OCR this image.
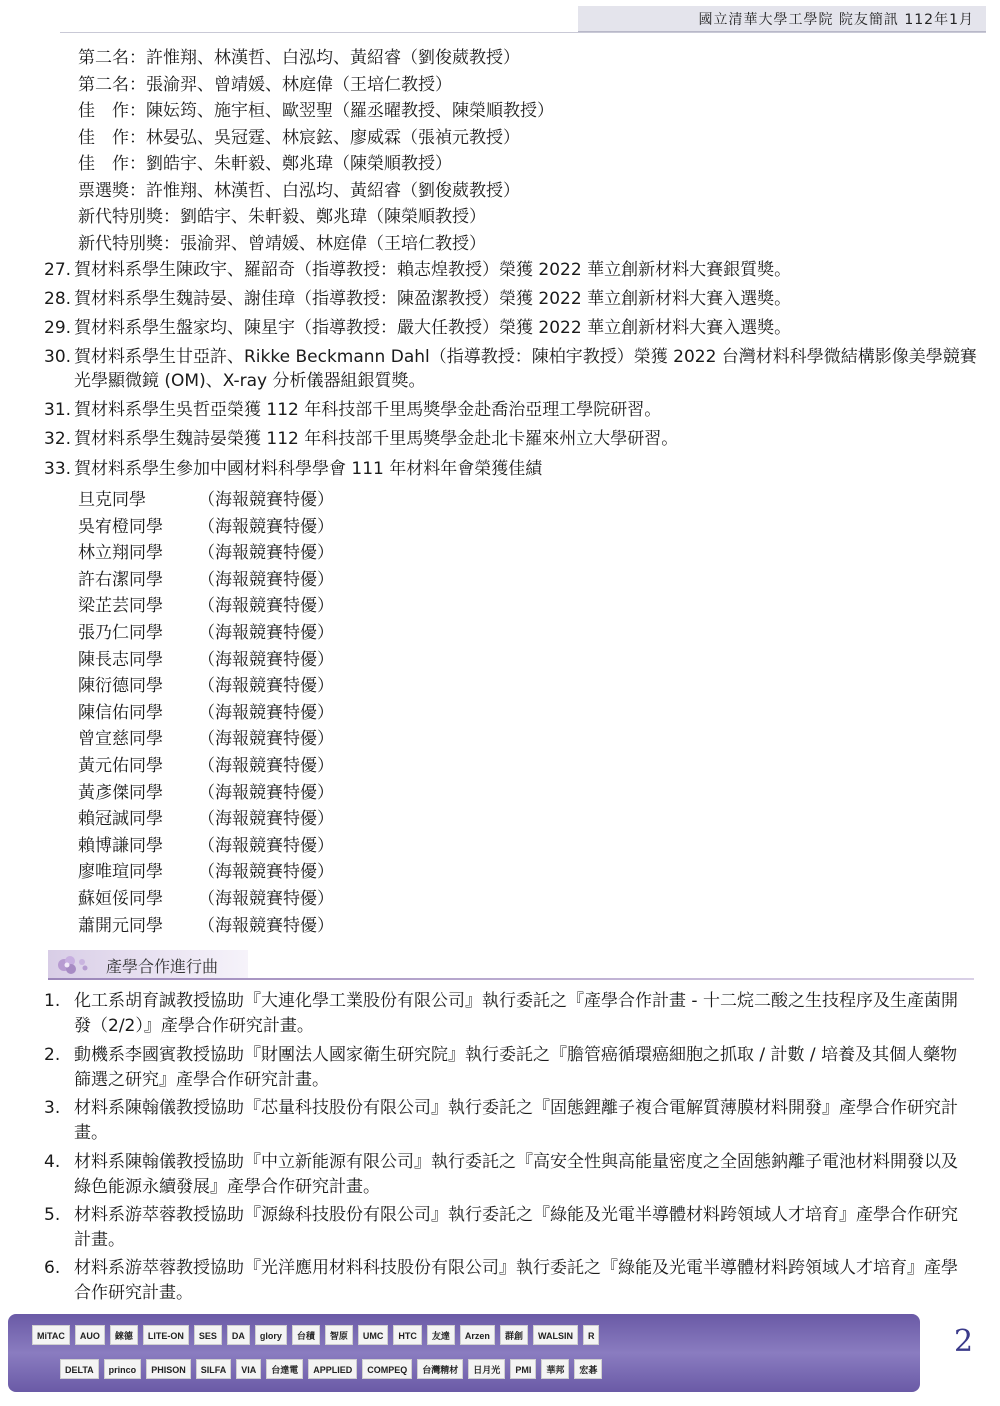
國立清華大學工學院 院友簡訊 112年1月
第二名：許惟翔、林漢哲、白泓均、黃紹睿（劉俊葳教授）
第二名：張渝羿、曾靖媛、林庭偉（王培仁教授）
佳　作：陳妘筠、施宇桓、歐翌聖（羅丞曜教授、陳榮順教授）
佳　作：林晏弘、吳冠霆、林宸鉉、廖威霖（張禎元教授）
佳　作：劉皓宇、朱軒毅、鄭兆瑋（陳榮順教授）
票選獎：許惟翔、林漢哲、白泓均、黃紹睿（劉俊葳教授）
新代特別獎：劉皓宇、朱軒毅、鄭兆瑋（陳榮順教授）
新代特別獎：張渝羿、曾靖媛、林庭偉（王培仁教授）
27. 賀材料系學生陳政宇、羅韶奇（指導教授：賴志煌教授）榮獲 2022 華立創新材料大賽銀質獎。
28. 賀材料系學生魏詩晏、謝佳璋（指導教授：陳盈潔教授）榮獲 2022 華立創新材料大賽入選獎。
29. 賀材料系學生盤家均、陳星宇（指導教授：嚴大任教授）榮獲 2022 華立創新材料大賽入選獎。
30. 賀材料系學生甘亞許、Rikke Beckmann Dahl（指導教授：陳柏宇教授）榮獲 2022 台灣材料科學微結構影像美學競賽光學顯微鏡 (OM)、X-ray 分析儀器組銀質獎。
31. 賀材料系學生吳哲亞榮獲 112 年科技部千里馬獎學金赴喬治亞理工學院研習。
32. 賀材料系學生魏詩晏榮獲 112 年科技部千里馬獎學金赴北卡羅來州立大學研習。
33. 賀材料系學生參加中國材料科學學會 111 年材料年會榮獲佳績
旦克同學	（海報競賽特優）
吳宥橙同學 （海報競賽特優）
林立翔同學 （海報競賽特優）
許右潔同學 （海報競賽特優）
梁芷芸同學 （海報競賽特優）
張乃仁同學 （海報競賽特優）
陳長志同學 （海報競賽特優）
陳衍德同學 （海報競賽特優）
陳信佑同學 （海報競賽特優）
曾宣慈同學 （海報競賽特優）
黃元佑同學 （海報競賽特優）
黃彥傑同學 （海報競賽特優）
賴冠誠同學 （海報競賽特優）
賴博謙同學 （海報競賽特優）
廖唯瑄同學 （海報競賽特優）
蘇姮俀同學 （海報競賽特優）
蕭開元同學 （海報競賽特優）
產學合作進行曲
1. 化工系胡育誠教授協助『大連化學工業股份有限公司』執行委託之『產學合作計畫 - 十二烷二酸之生技程序及生產菌開發（2/2）』產學合作研究計畫。
2. 動機系李國賓教授協助『財團法人國家衛生研究院』執行委託之『膽管癌循環癌細胞之抓取 / 計數 / 培養及其個人藥物篩選之研究』產學合作研究計畫。
3. 材料系陳翰儀教授協助『芯量科技股份有限公司』執行委託之『固態鋰離子複合電解質薄膜材料開發』產學合作研究計畫。
4. 材料系陳翰儀教授協助『中立新能源有限公司』執行委託之『高安全性與高能量密度之全固態鈉離子電池材料開發以及綠色能源永續發展』產學合作研究計畫。
5. 材料系游萃蓉教授協助『源綠科技股份有限公司』執行委託之『綠能及光電半導體材料跨領域人才培育』產學合作研究計畫。
6. 材料系游萃蓉教授協助『光洋應用材料科技股份有限公司』執行委託之『綠能及光電半導體材料跨領域人才培育』產學合作研究計畫。
MiTAC	AUO	錸德	LITE-ON	SES	DA	glory	台積	智原	UMC	HTC	友達	Arzen	群創	WALSIN	R
DELTA	princo	PHISON	SILFA	VIA	台達電	APPLIED	COMPEQ	台灣精材	日月光	PMI	華邦	宏碁
2
